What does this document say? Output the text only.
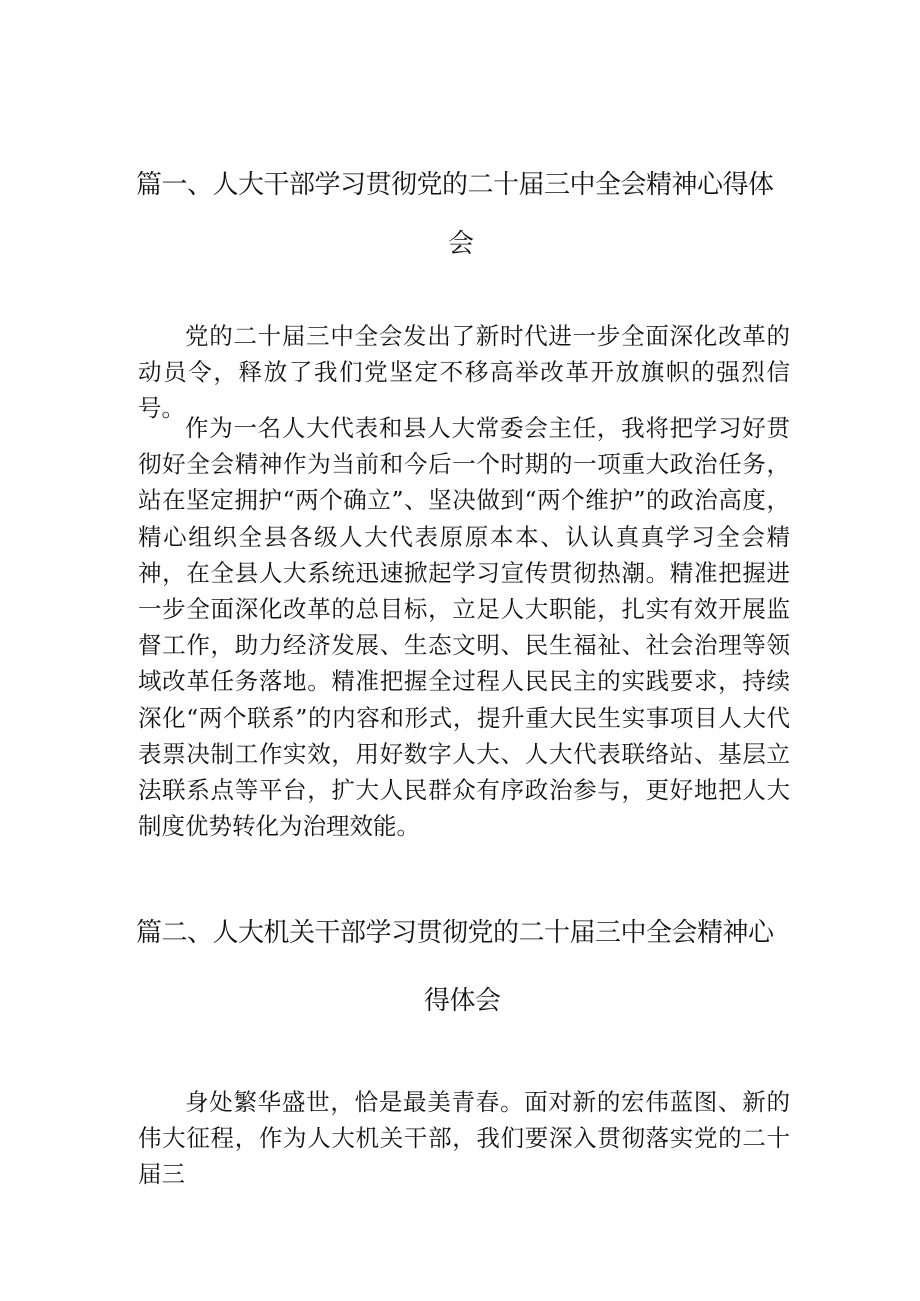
篇一、人大干部学习贯彻党的二十届三中全会精神心得体
会

党的二十届三中全会发出了新时代进一步全面深化改革的动员令，释放了我们党坚定不移高举改革开放旗帜的强烈信号。

作为一名人大代表和县人大常委会主任，我将把学习好贯彻好全会精神作为当前和今后一个时期的一项重大政治任务，站在坚定拥护“两个确立”、坚决做到“两个维护”的政治高度，精心组织全县各级人大代表原原本本、认认真真学习全会精神，在全县人大系统迅速掀起学习宣传贯彻热潮。精准把握进一步全面深化改革的总目标，立足人大职能，扎实有效开展监督工作，助力经济发展、生态文明、民生福祉、社会治理等领域改革任务落地。精准把握全过程人民民主的实践要求，持续深化“两个联系”的内容和形式，提升重大民生实事项目人大代表票决制工作实效，用好数字人大、人大代表联络站、基层立法联系点等平台，扩大人民群众有序政治参与，更好地把人大制度优势转化为治理效能。

篇二、人大机关干部学习贯彻党的二十届三中全会精神心
得体会

身处繁华盛世，恰是最美青春。面对新的宏伟蓝图、新的伟大征程，作为人大机关干部，我们要深入贯彻落实党的二十届三
